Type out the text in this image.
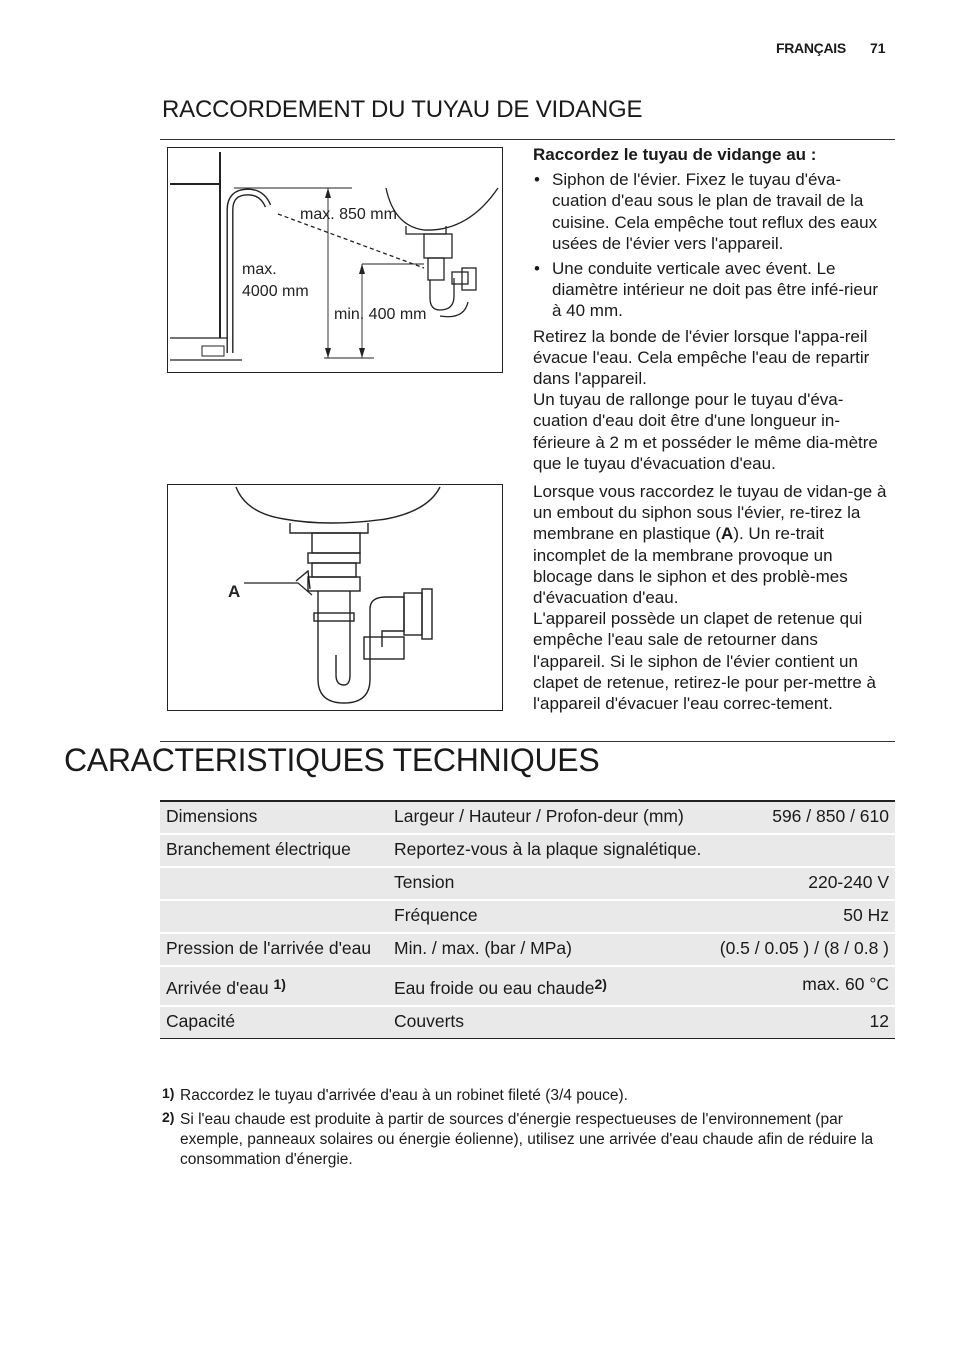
FRANÇAIS 71
RACCORDEMENT DU TUYAU DE VIDANGE
max. 850 mm
max.
4000 mm
min. 400 mm
A

Raccordez le tuyau de vidange au :

• Siphon de l'évier. Fixez le tuyau d'éva-cuation d'eau sous le plan de travail de la cuisine. Cela empêche tout reflux des eaux usées de l'évier vers l'appareil.
• Une conduite verticale avec évent. Le diamètre intérieur ne doit pas être infé-rieur à 40 mm.

Retirez la bonde de l'évier lorsque l'appa-reil évacue l'eau. Cela empêche l'eau de repartir dans l'appareil.

Un tuyau de rallonge pour le tuyau d'éva-cuation d'eau doit être d'une longueur in-férieure à 2 m et posséder le même dia-mètre que le tuyau d'évacuation d'eau.

Lorsque vous raccordez le tuyau de vidan-ge à un embout du siphon sous l'évier, re-tirez la membrane en plastique (A). Un re-trait incomplet de la membrane provoque un blocage dans le siphon et des problè-mes d'évacuation d'eau.

L'appareil possède un clapet de retenue qui empêche l'eau sale de retourner dans l'appareil. Si le siphon de l'évier contient un clapet de retenue, retirez-le pour per-mettre à l'appareil d'évacuer l'eau correc-tement.

CARACTERISTIQUES TECHNIQUES
Dimensions	Largeur / Hauteur / Profon-deur (mm)	596 / 850 / 610
Branchement électrique	Reportez-vous à la plaque signalétique.	
	Tension	220-240 V
	Fréquence	50 Hz
Pression de l'arrivée d'eau	Min. / max. (bar / MPa)	(0.5 / 0.05 ) / (8 / 0.8 )
Arrivée d'eau $^{1)}$	Eau froide ou eau chaude$^{2)}$	max. 60 °C
Capacité	Couverts	12
1) Raccordez le tuyau d'arrivée d'eau à un robinet fileté (3/4 pouce).
2) Si l'eau chaude est produite à partir de sources d'énergie respectueuses de l'environnement (par exemple, panneaux solaires ou énergie éolienne), utilisez une arrivée d'eau chaude afin de réduire la consommation d'énergie.
